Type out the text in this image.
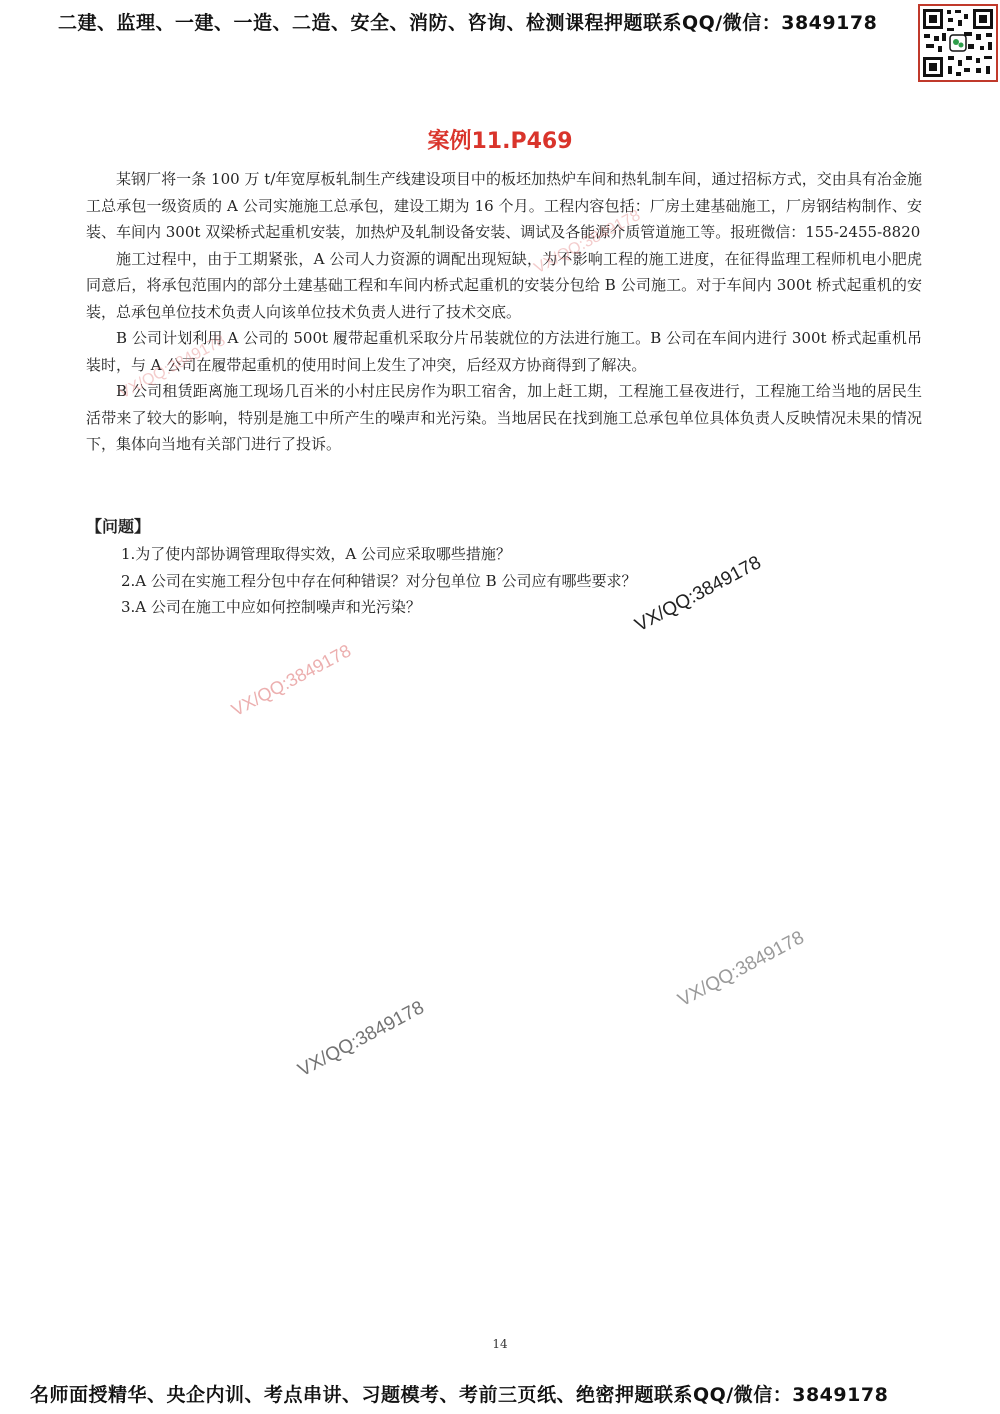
二建、监理、一建、一造、二造、安全、消防、咨询、检测课程押题联系QQ/微信：3849178
案例11.P469

某钢厂将一条 100 万 t/年宽厚板轧制生产线建设项目中的板坯加热炉车间和热轧制车间，通过招标方式，交由具有冶金施工总承包一级资质的 A 公司实施施工总承包，建设工期为 16 个月。工程内容包括：厂房土建基础施工，厂房钢结构制作、安装、车间内 300t 双梁桥式起重机安装，加热炉及轧制设备安装、调试及各能源介质管道施工等。报班微信：155-2455-8820

施工过程中，由于工期紧张，A 公司人力资源的调配出现短缺，为不影响工程的施工进度，在征得监理工程师机电小肥虎同意后，将承包范围内的部分土建基础工程和车间内桥式起重机的安装分包给 B 公司施工。对于车间内 300t 桥式起重机的安装，总承包单位技术负责人向该单位技术负责人进行了技术交底。

B 公司计划利用 A 公司的 500t 履带起重机采取分片吊装就位的方法进行施工。B 公司在车间内进行 300t 桥式起重机吊装时，与 A 公司在履带起重机的使用时间上发生了冲突，后经双方协商得到了解决。

B 公司租赁距离施工现场几百米的小村庄民房作为职工宿舍，加上赶工期，工程施工昼夜进行，工程施工给当地的居民生活带来了较大的影响，特别是施工中所产生的噪声和光污染。当地居民在找到施工总承包单位具体负责人反映情况未果的情况下，集体向当地有关部门进行了投诉。

【问题】
1.为了使内部协调管理取得实效，A 公司应采取哪些措施？
2.A 公司在实施工程分包中存在何种错误？对分包单位 B 公司应有哪些要求？
3.A 公司在施工中应如何控制噪声和光污染？
VX/QQ:3849178
VX/QQ:3849178
VX/QQ:3849178
VX/QQ:3849178
VX/QQ:3849178
VX/QQ:3849178
14
名师面授精华、央企内训、考点串讲、习题模考、考前三页纸、绝密押题联系QQ/微信：3849178
